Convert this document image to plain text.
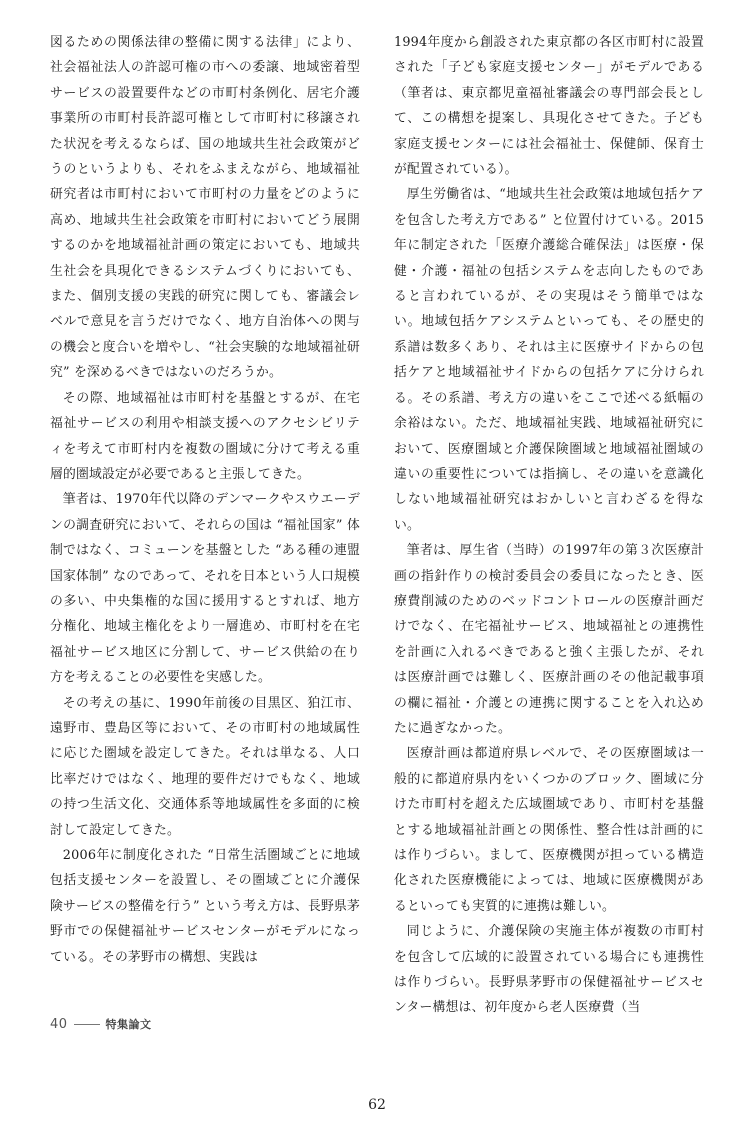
図るための関係法律の整備に関する法律」により、社会福祉法人の許認可権の市への委譲、地域密着型サービスの設置要件などの市町村条例化、居宅介護事業所の市町村長許認可権として市町村に移譲された状況を考えるならば、国の地域共生社会政策がどうのというよりも、それをふまえながら、地域福祉研究者は市町村において市町村の力量をどのように高め、地域共生社会政策を市町村においてどう展開するのかを地域福祉計画の策定においても、地域共生社会を具現化できるシステムづくりにおいても、また、個別支援の実践的研究に関しても、審議会レベルで意見を言うだけでなく、地方自治体への関与の機会と度合いを増やし、“社会実験的な地域福祉研究” を深めるべきではないのだろうか。

その際、地域福祉は市町村を基盤とするが、在宅福祉サービスの利用や相談支援へのアクセシビリティを考えて市町村内を複数の圏域に分けて考える重層的圏域設定が必要であると主張してきた。

筆者は、1970年代以降のデンマークやスウエーデンの調査研究において、それらの国は “福祉国家” 体制ではなく、コミューンを基盤とした “ある種の連盟国家体制” なのであって、それを日本という人口規模の多い、中央集権的な国に援用するとすれば、地方分権化、地域主権化をより一層進め、市町村を在宅福祉サービス地区に分割して、サービス供給の在り方を考えることの必要性を実感した。

その考えの基に、1990年前後の目黒区、狛江市、遠野市、豊島区等において、その市町村の地域属性に応じた圏域を設定してきた。それは単なる、人口比率だけではなく、地理的要件だけでもなく、地域の持つ生活文化、交通体系等地域属性を多面的に検討して設定してきた。

2006年に制度化された “日常生活圏域ごとに地域包括支援センターを設置し、その圏域ごとに介護保険サービスの整備を行う” という考え方は、長野県茅野市での保健福祉サービスセンターがモデルになっている。その茅野市の構想、実践は

1994年度から創設された東京都の各区市町村に設置された「子ども家庭支援センター」がモデルである（筆者は、東京都児童福祉審議会の専門部会長として、この構想を提案し、具現化させてきた。子ども家庭支援センターには社会福祉士、保健師、保育士が配置されている）。

厚生労働省は、“地域共生社会政策は地域包括ケアを包含した考え方である” と位置付けている。2015年に制定された「医療介護総合確保法」は医療・保健・介護・福祉の包括システムを志向したものであると言われているが、その実現はそう簡単ではない。地域包括ケアシステムといっても、その歴史的系譜は数多くあり、それは主に医療サイドからの包括ケアと地域福祉サイドからの包括ケアに分けられる。その系譜、考え方の違いをここで述べる紙幅の余裕はない。ただ、地域福祉実践、地域福祉研究において、医療圏域と介護保険圏域と地域福祉圏域の違いの重要性については指摘し、その違いを意識化しない地域福祉研究はおかしいと言わざるを得ない。

筆者は、厚生省（当時）の1997年の第３次医療計画の指針作りの検討委員会の委員になったとき、医療費削減のためのベッドコントロールの医療計画だけでなく、在宅福祉サービス、地域福祉との連携性を計画に入れるべきであると強く主張したが、それは医療計画では難しく、医療計画のその他記載事項の欄に福祉・介護との連携に関することを入れ込めたに過ぎなかった。

医療計画は都道府県レベルで、その医療圏域は一般的に都道府県内をいくつかのブロック、圏域に分けた市町村を超えた広域圏域であり、市町村を基盤とする地域福祉計画との関係性、整合性は計画的には作りづらい。まして、医療機関が担っている構造化された医療機能によっては、地域に医療機関があるといっても実質的に連携は難しい。

同じように、介護保険の実施主体が複数の市町村を包含して広域的に設置されている場合にも連携性は作りづらい。長野県茅野市の保健福祉サービスセンター構想は、初年度から老人医療費（当

40	特集論文
62
